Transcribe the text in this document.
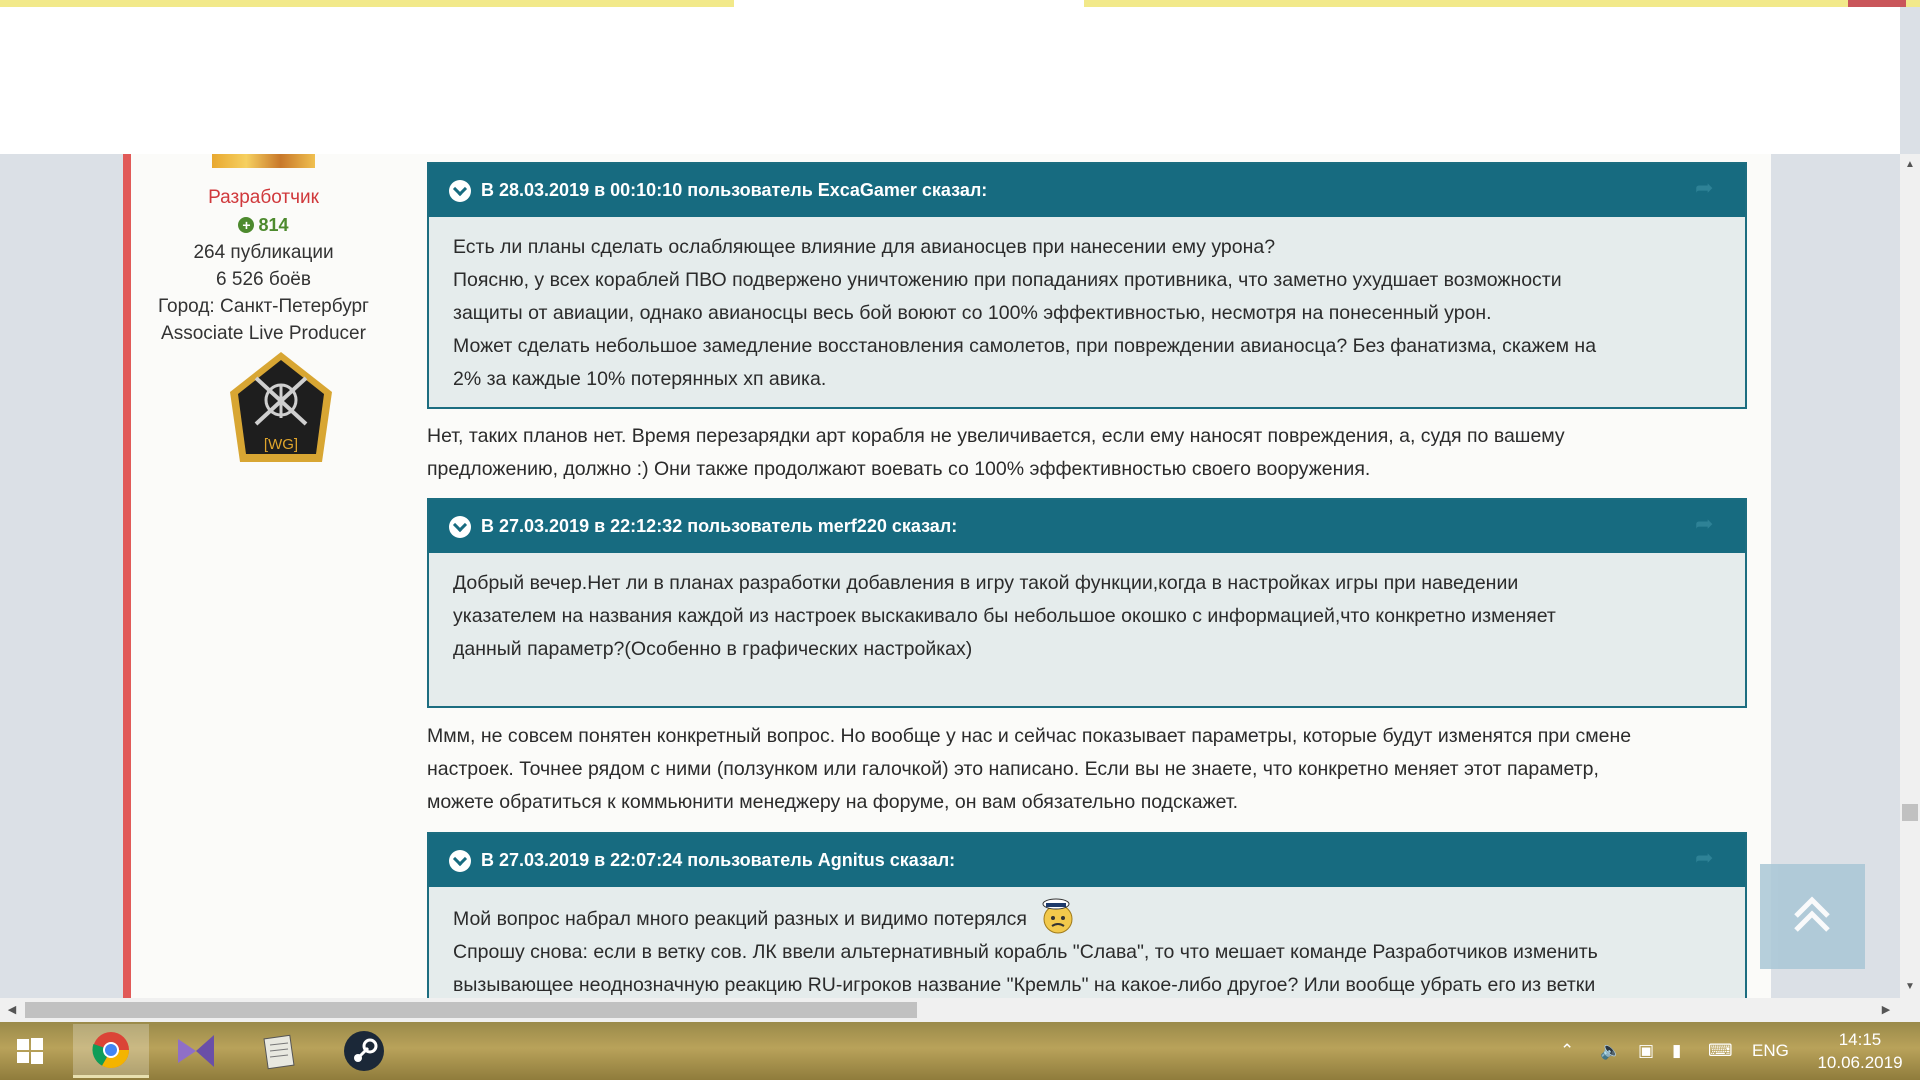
Разработчик
+ 814
264 публикации
6 526 боёв
Город: Санкт-Петербург
Associate Live Producer
[WG]
В 28.03.2019 в 00:10:10 пользователь ExcaGamer сказал:	➦
Есть ли планы сделать ослабляющее влияние для авианосцев при нанесении ему урона?
Поясню, у всех кораблей ПВО подвержено уничтожению при попаданиях противника, что заметно ухудшает возможности
защиты от авиации, однако авианосцы весь бой воюют со 100% эффективностью, несмотря на понесенный урон.
Может сделать небольшое замедление восстановления самолетов, при повреждении авианосца? Без фанатизма, скажем на
2% за каждые 10% потерянных хп авика.
Нет, таких планов нет. Время перезарядки арт корабля не увеличивается, если ему наносят повреждения, а, судя по вашему
предложению, должно :) Они также продолжают воевать со 100% эффективностью своего вооружения.
В 27.03.2019 в 22:12:32 пользователь merf220 сказал:	➦
Добрый вечер.Нет ли в планах разработки добавления в игру такой функции,когда в настройках игры при наведении
указателем на названия каждой из настроек выскакивало бы небольшое окошко с информацией,что конкретно изменяет
данный параметр?(Особенно в графических настройках)
Ммм, не совсем понятен конкретный вопрос. Но вообще у нас и сейчас показывает параметры, которые будут изменятся при смене
настроек. Точнее рядом с ними (ползунком или галочкой) это написано. Если вы не знаете, что конкретно меняет этот параметр,
можете обратиться к коммьюнити менеджеру на форуме, он вам обязательно подскажет.
В 27.03.2019 в 22:07:24 пользователь Agnitus сказал:	➦
Мой вопрос набрал много реакций разных и видимо потерялся
Спрошу снова: если в ветку сов. ЛК ввели альтернативный корабль "Слава", то что мешает команде Разработчиков изменить
вызывающее неоднозначную реакцию RU-игроков название "Кремль" на какое-либо другое? Или вообще убрать его из ветки
▲
▼
◀	▶
⌃ 🔈 ▣ ▮ ⌨ ENG
14:15
10.06.2019
